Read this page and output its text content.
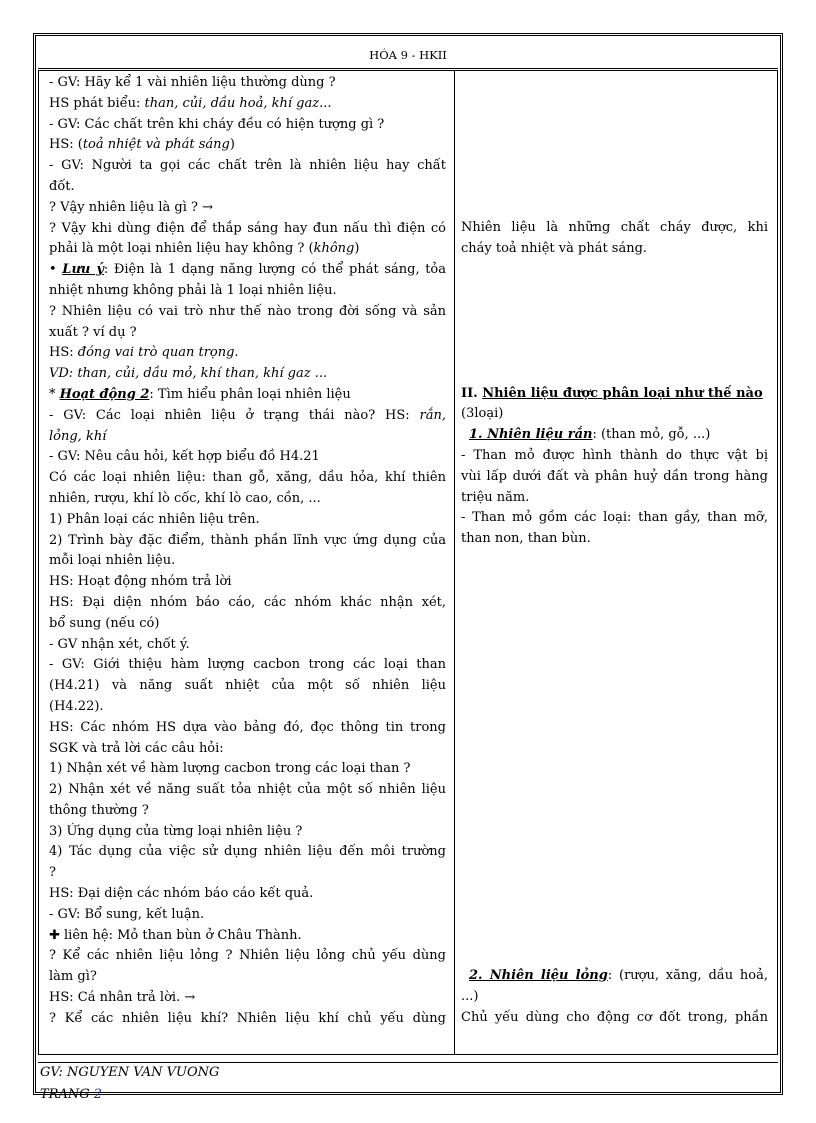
HÓA 9 - HKII
- GV: Hãy kể 1 vài nhiên liệu thường dùng ?
HS phát biểu: than, củi, dầu hoả, khí gaz...
- GV: Các chất trên khi cháy đều có hiện tượng gì ?
HS: (toả nhiệt và phát sáng)
- GV: Người ta gọi các chất trên là nhiên liệu hay chất
đốt.
? Vậy nhiên liệu là gì ? →
? Vậy khi dùng điện để thắp sáng hay đun nấu thì điện có
phải là một loại nhiên liệu hay không ? (không)
• Lưu ý: Điện là 1 dạng năng lượng có thể phát sáng, tỏa
nhiệt nhưng không phải là 1 loại nhiên liệu.
? Nhiên liệu có vai trò như thế nào trong đời sống và sản
xuất ? ví dụ ?
HS: đóng vai trò quan trọng.
VD: than, củi, dầu mỏ, khí than, khí gaz ...
* Hoạt động 2: Tìm hiểu phân loại nhiên liệu
- GV: Các loại nhiên liệu ở trạng thái nào? HS: rắn,
lỏng, khí
- GV: Nêu câu hỏi, kết hợp biểu đồ H4.21
Có các loại nhiên liệu: than gỗ, xăng, dầu hỏa, khí thiên
nhiên, rượu, khí lò cốc, khí lò cao, cồn, ...
1) Phân loại các nhiên liệu trên.
2) Trình bày đặc điểm, thành phần lĩnh vực ứng dụng của
mỗi loại nhiên liệu.
HS: Hoạt động nhóm trả lời
HS: Đại diện nhóm báo cáo, các nhóm khác nhận xét,
bổ sung (nếu có)
- GV nhận xét, chốt ý.
- GV: Giới thiệu hàm lượng cacbon trong các loại than
(H4.21) và năng suất nhiệt của một số nhiên liệu
(H4.22).
HS: Các nhóm HS dựa vào bảng đó, đọc thông tin trong
SGK và trả lời các câu hỏi:
1) Nhận xét về hàm lượng cacbon trong các loại than ?
2) Nhận xét về năng suất tỏa nhiệt của một số nhiên liệu
thông thường ?
3) Ứng dụng của từng loại nhiên liệu ?
4) Tác dụng của việc sử dụng nhiên liệu đến môi trường
?
HS: Đại diện các nhóm báo cáo kết quả.
- GV: Bổ sung, kết luận.
✚ liên hệ: Mỏ than bùn ở Châu Thành.
? Kể các nhiên liệu lỏng ? Nhiên liệu lỏng chủ yếu dùng
làm gì?
HS: Cá nhân trả lời. →
? Kể các nhiên liệu khí? Nhiên liệu khí chủ yếu dùng
Nhiên liệu là những chất cháy được, khi
cháy toả nhiệt và phát sáng.
II. Nhiên liệu được phân loại như thế nào
(3loại)
1. Nhiên liệu rắn: (than mỏ, gỗ, ...)
- Than mỏ được hình thành do thực vật bị
vùi lấp dưới đất và phân huỷ dần trong hàng
triệu năm.
- Than mỏ gồm các loại: than gầy, than mỡ,
than non, than bùn.
2. Nhiên liệu lỏng: (rượu, xăng, dầu hoả,
...)
Chủ yếu dùng cho động cơ đốt trong, phần
GV: NGUYEN VAN VUONG
TRANG 2
